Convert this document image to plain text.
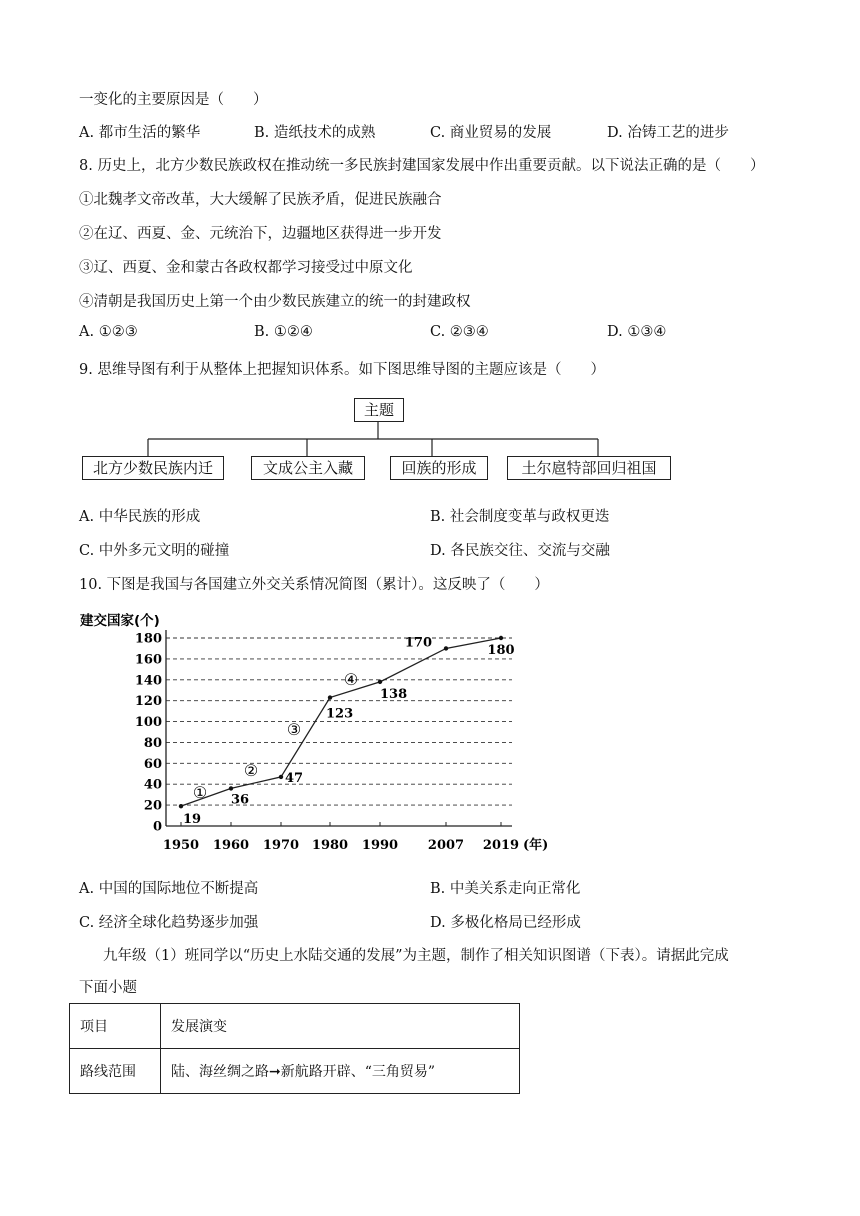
一变化的主要原因是（　　）
A. 都市生活的繁华	B. 造纸技术的成熟	C. 商业贸易的发展	D. 冶铸工艺的进步
8. 历史上，北方少数民族政权在推动统一多民族封建国家发展中作出重要贡献。以下说法正确的是（　　）
①北魏孝文帝改革，大大缓解了民族矛盾，促进民族融合
②在辽、西夏、金、元统治下，边疆地区获得进一步开发
③辽、西夏、金和蒙古各政权都学习接受过中原文化
④清朝是我国历史上第一个由少数民族建立的统一的封建政权
A. ①②③	B. ①②④	C. ②③④	D. ①③④
9. 思维导图有利于从整体上把握知识体系。如下图思维导图的主题应该是（　　）
主题
北方少数民族内迁	文成公主入藏	回族的形成	土尔扈特部回归祖国
A. 中华民族的形成	B. 社会制度变革与政权更迭
C. 中外多元文明的碰撞	D. 各民族交往、交流与交融
10. 下图是我国与各国建立外交关系情况简图（累计）。这反映了（　　）
0
20
40
60
80
100
120
140
160
180
1950 1960 1970 1980 1990 2007 2019 (年)
19
36
47
123
138
170
180
①
②
③
④
建交国家(个)
A. 中国的国际地位不断提高	B. 中美关系走向正常化
C. 经济全球化趋势逐步加强	D. 多极化格局已经形成
九年级（1）班同学以“历史上水陆交通的发展”为主题，制作了相关知识图谱（下表）。请据此完成
下面小题
项目	发展演变
路线范围	陆、海丝绸之路➞新航路开辟、“三角贸易”
